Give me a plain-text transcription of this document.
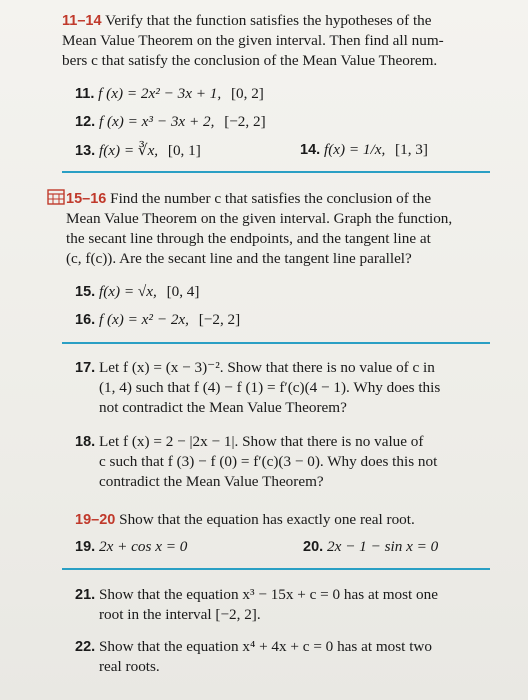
11–14 Verify that the function satisfies the hypotheses of the
Mean Value Theorem on the given interval. Then find all num-
bers c that satisfy the conclusion of the Mean Value Theorem.
11. f (x) = 2x² − 3x + 1, [0, 2]
12. f (x) = x³ − 3x + 2, [−2, 2]
13. f(x) = ∛x, [0, 1]	14. f(x) = 1/x, [1, 3]
15–16 Find the number c that satisfies the conclusion of the
Mean Value Theorem on the given interval. Graph the function,
the secant line through the endpoints, and the tangent line at
(c, f(c)). Are the secant line and the tangent line parallel?
15. f(x) = √x, [0, 4]
16. f (x) = x² − 2x, [−2, 2]
17. Let f (x) = (x − 3)⁻². Show that there is no value of c in
(1, 4) such that f (4) − f (1) = f′(c)(4 − 1). Why does this
not contradict the Mean Value Theorem?
18. Let f (x) = 2 − |2x − 1|. Show that there is no value of
c such that f (3) − f (0) = f′(c)(3 − 0). Why does this not
contradict the Mean Value Theorem?
19–20 Show that the equation has exactly one real root.
19. 2x + cos x = 0	20. 2x − 1 − sin x = 0
21. Show that the equation x³ − 15x + c = 0 has at most one
root in the interval [−2, 2].
22. Show that the equation x⁴ + 4x + c = 0 has at most two
real roots.
